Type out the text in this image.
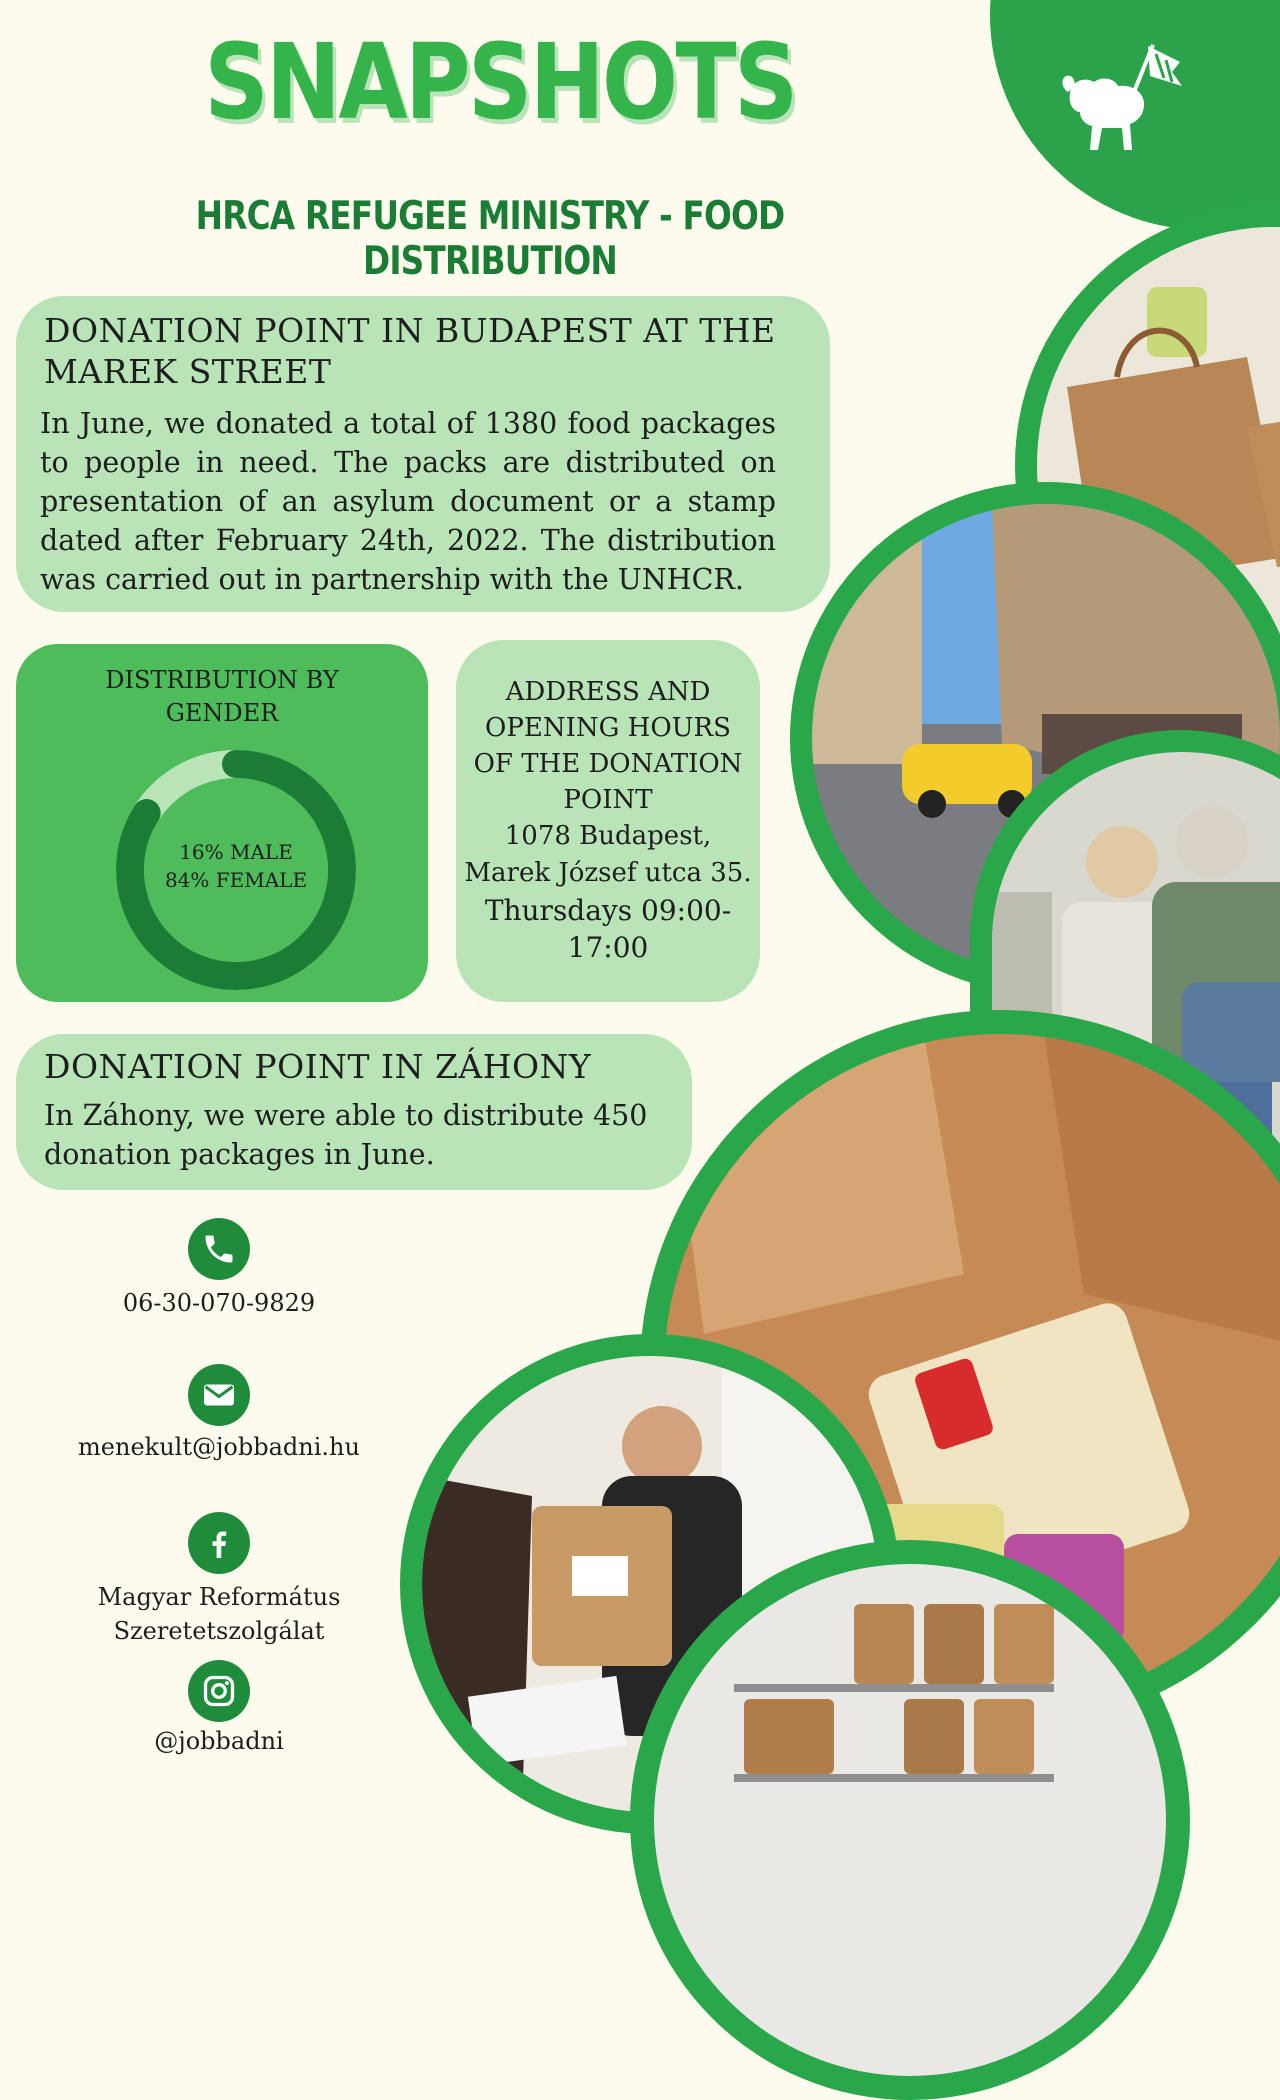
SNAPSHOTS
HRCA REFUGEE MINISTRY - FOOD DISTRIBUTION
DONATION POINT IN BUDAPEST AT THE MAREK STREET

In June, we donated a total of 1380 food packages to people in need. The packs are distributed on presentation of an asylum document or a stamp dated after February 24th, 2022. The distribution was carried out in partnership with the UNHCR.

DISTRIBUTION BY GENDER
16% MALE
84% FEMALE
ADDRESS AND OPENING HOURS OF THE DONATION POINT
1078 Budapest,
Marek József utca 35.
Thursdays 09:00-
17:00
DONATION POINT IN ZÁHONY

In Záhony, we were able to distribute 450 donation packages in June.

06-30-070-9829
menekult@jobbadni.hu
Magyar Református
Szeretetszolgálat
@jobbadni
